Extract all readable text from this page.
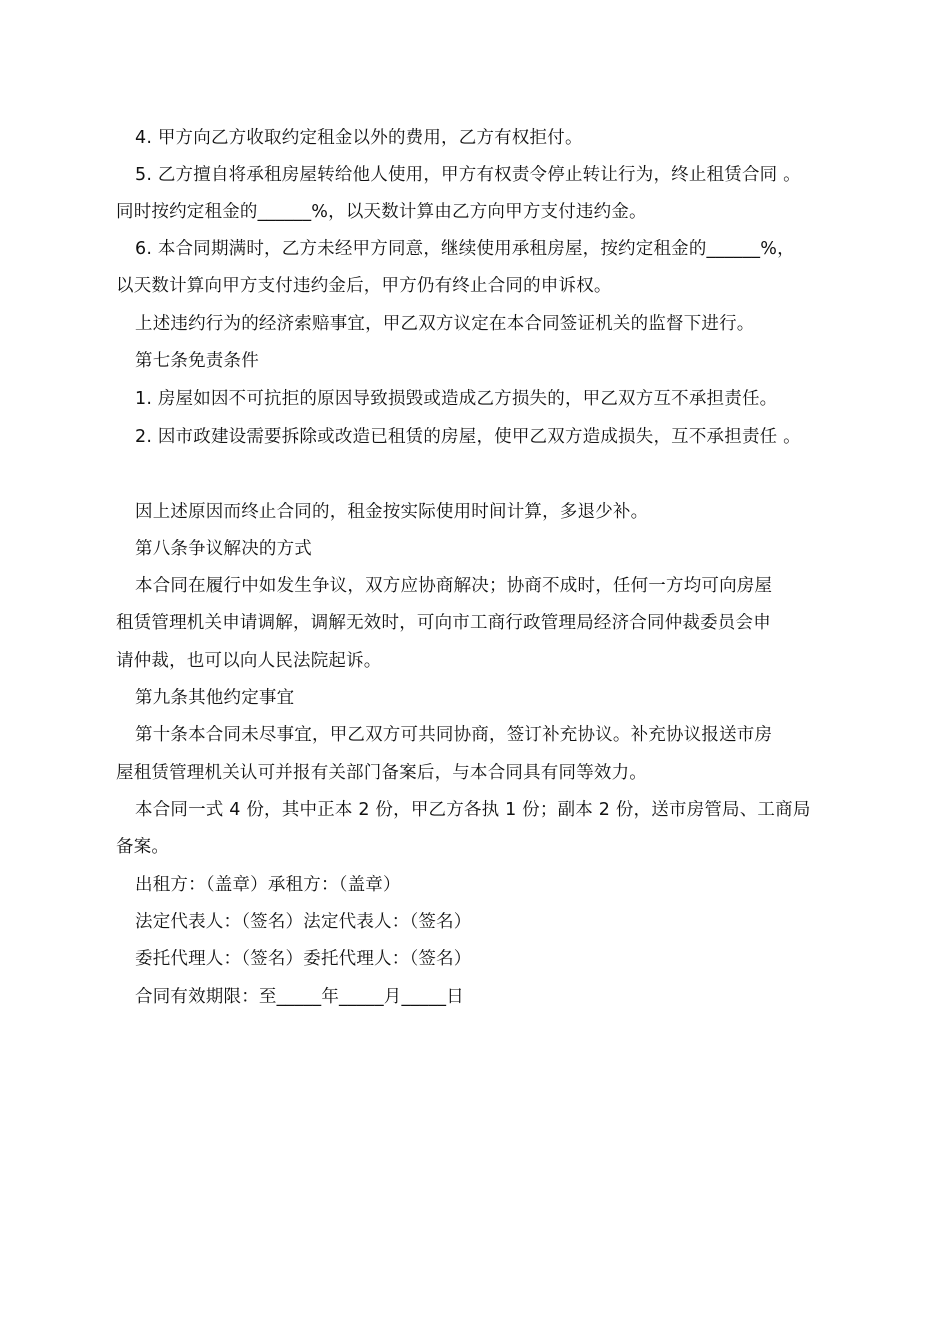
4. 甲方向乙方收取约定租金以外的费用，乙方有权拒付。
5. 乙方擅自将承租房屋转给他人使用，甲方有权责令停止转让行为，终止租赁合同 。
同时按约定租金的______%，以天数计算由乙方向甲方支付违约金。
6. 本合同期满时，乙方未经甲方同意，继续使用承租房屋，按约定租金的______%，
以天数计算向甲方支付违约金后，甲方仍有终止合同的申诉权。
上述违约行为的经济索赔事宜，甲乙双方议定在本合同签证机关的监督下进行。
第七条免责条件
1. 房屋如因不可抗拒的原因导致损毁或造成乙方损失的，甲乙双方互不承担责任。
2. 因市政建设需要拆除或改造已租赁的房屋，使甲乙双方造成损失，互不承担责任 。
因上述原因而终止合同的，租金按实际使用时间计算，多退少补。
第八条争议解决的方式
本合同在履行中如发生争议，双方应协商解决；协商不成时，任何一方均可向房屋
租赁管理机关申请调解，调解无效时，可向市工商行政管理局经济合同仲裁委员会申
请仲裁，也可以向人民法院起诉。
第九条其他约定事宜
第十条本合同未尽事宜，甲乙双方可共同协商，签订补充协议。补充协议报送市房
屋租赁管理机关认可并报有关部门备案后，与本合同具有同等效力。
本合同一式 4 份，其中正本 2 份，甲乙方各执 1 份；副本 2 份，送市房管局、工商局
备案。
出租方：（盖章）承租方：（盖章）
法定代表人：（签名）法定代表人：（签名）
委托代理人：（签名）委托代理人：（签名）
合同有效期限：至_____年_____月_____日
